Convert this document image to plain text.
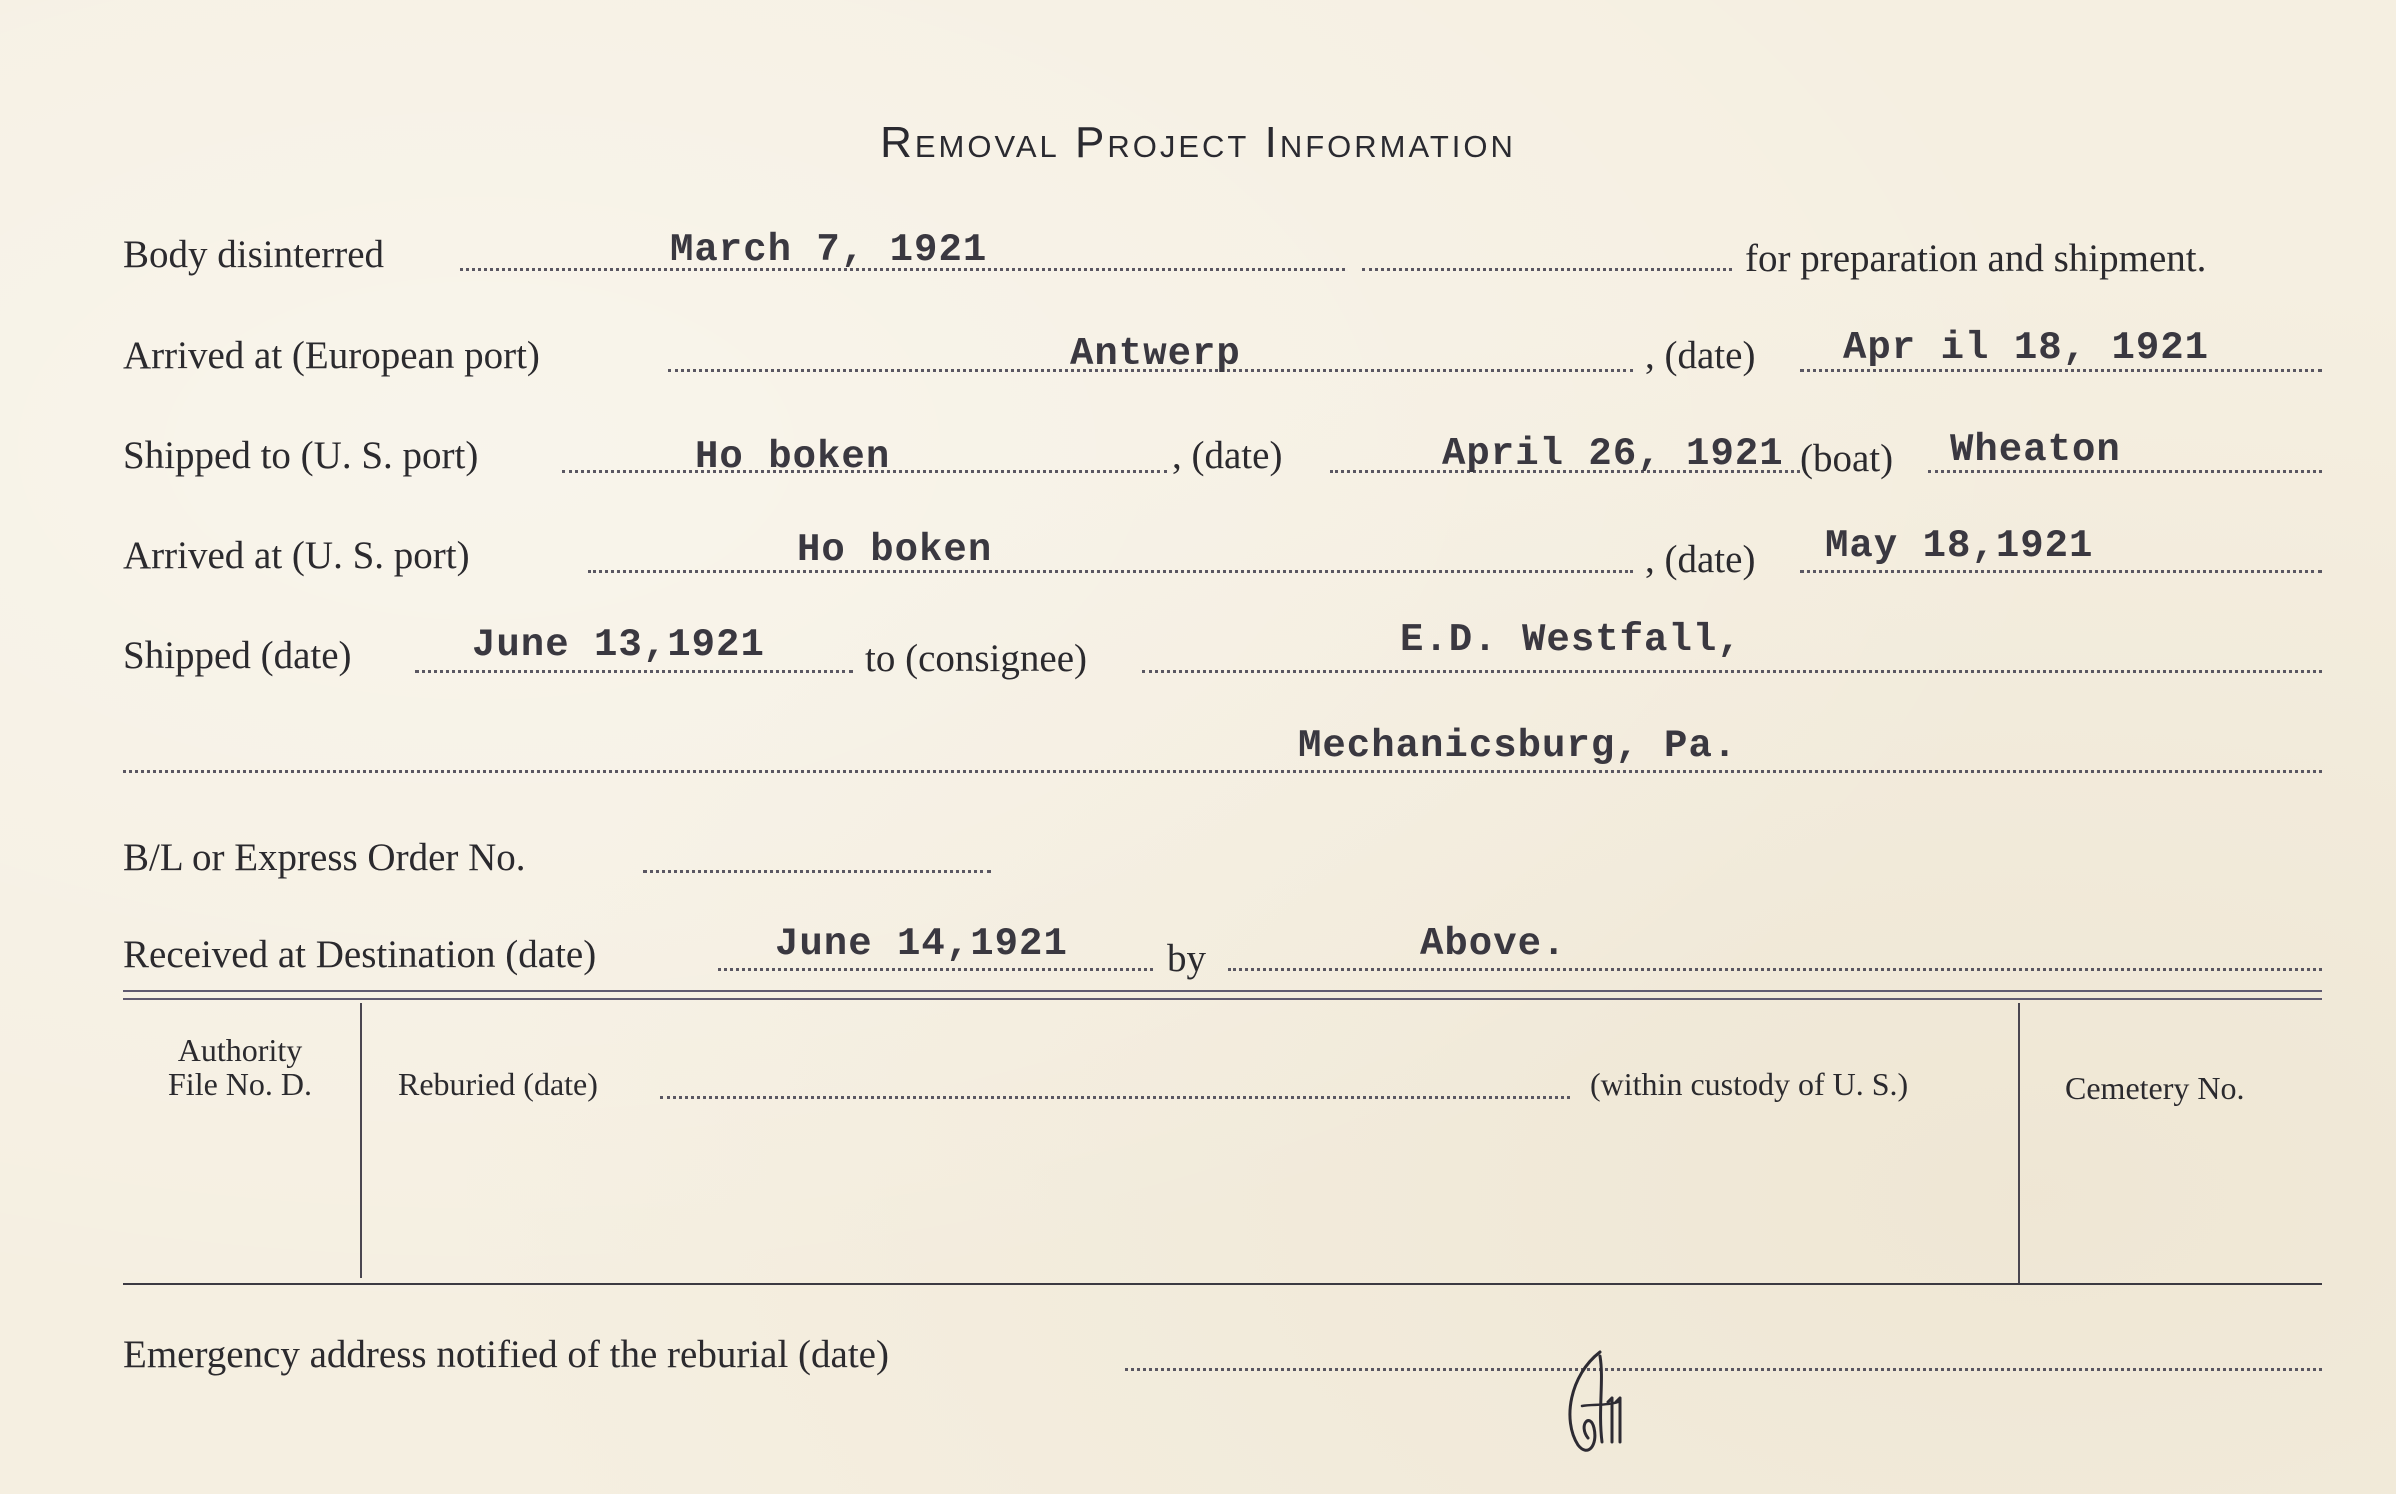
Removal Project Information
Body disinterred	March 7, 1921	for preparation and shipment.
Arrived at (European port)	Antwerp	, (date) Apr il 18, 1921
Shipped to (U. S. port)	Ho boken	, (date)	April 26, 1921 (boat) Wheaton
Arrived at (U. S. port)	Ho boken	, (date) May 18,1921
Shipped (date)	June 13,1921	to (consignee)	E.D. Westfall,
Mechanicsburg, Pa.
B/L or Express Order No.
Received at Destination (date)	June 14,1921	by	Above.
Authority
File No. D.	Reburied (date)	(within custody of U. S.)	Cemetery No.
Emergency address notified of the reburial (date)
